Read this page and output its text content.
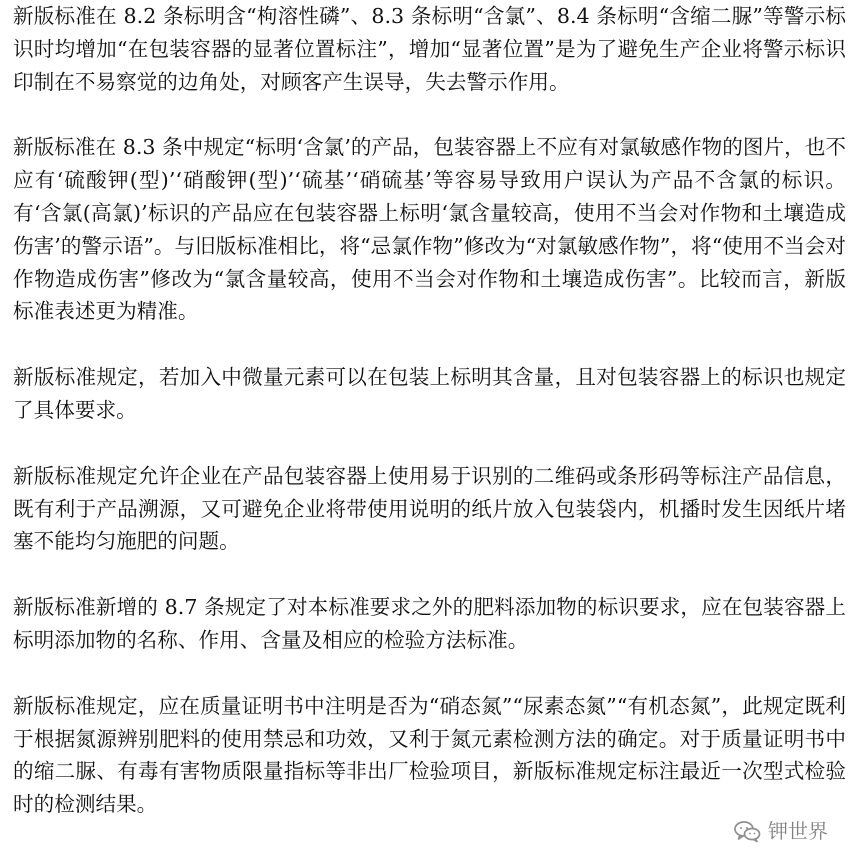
新版标准在 8.2 条标明含“枸溶性磷”、8.3 条标明“含氯”、8.4 条标明“含缩二脲”等警示标识时均增加“在包装容器的显著位置标注”，增加“显著位置”是为了避免生产企业将警示标识印制在不易察觉的边角处，对顾客产生误导，失去警示作用。

新版标准在 8.3 条中规定“标明‘含氯’的产品，包装容器上不应有对氯敏感作物的图片，也不应有‘硫酸钾(型)’‘硝酸钾(型)’‘硫基’‘硝硫基’等容易导致用户误认为产品不含氯的标识。有‘含氯(高氯)’标识的产品应在包装容器上标明‘氯含量较高，使用不当会对作物和土壤造成伤害’的警示语”。与旧版标准相比，将“忌氯作物”修改为“对氯敏感作物”，将“使用不当会对作物造成伤害”修改为“氯含量较高，使用不当会对作物和土壤造成伤害”。比较而言，新版标准表述更为精准。

新版标准规定，若加入中微量元素可以在包装上标明其含量，且对包装容器上的标识也规定了具体要求。

新版标准规定允许企业在产品包装容器上使用易于识别的二维码或条形码等标注产品信息，既有利于产品溯源，又可避免企业将带使用说明的纸片放入包装袋内，机播时发生因纸片堵塞不能均匀施肥的问题。

新版标准新增的 8.7 条规定了对本标准要求之外的肥料添加物的标识要求，应在包装容器上标明添加物的名称、作用、含量及相应的检验方法标准。

新版标准规定，应在质量证明书中注明是否为“硝态氮”“尿素态氮”“有机态氮”，此规定既利于根据氮源辨别肥料的使用禁忌和功效，又利于氮元素检测方法的确定。对于质量证明书中的缩二脲、有毒有害物质限量指标等非出厂检验项目，新版标准规定标注最近一次型式检验时的检测结果。

钾世界
